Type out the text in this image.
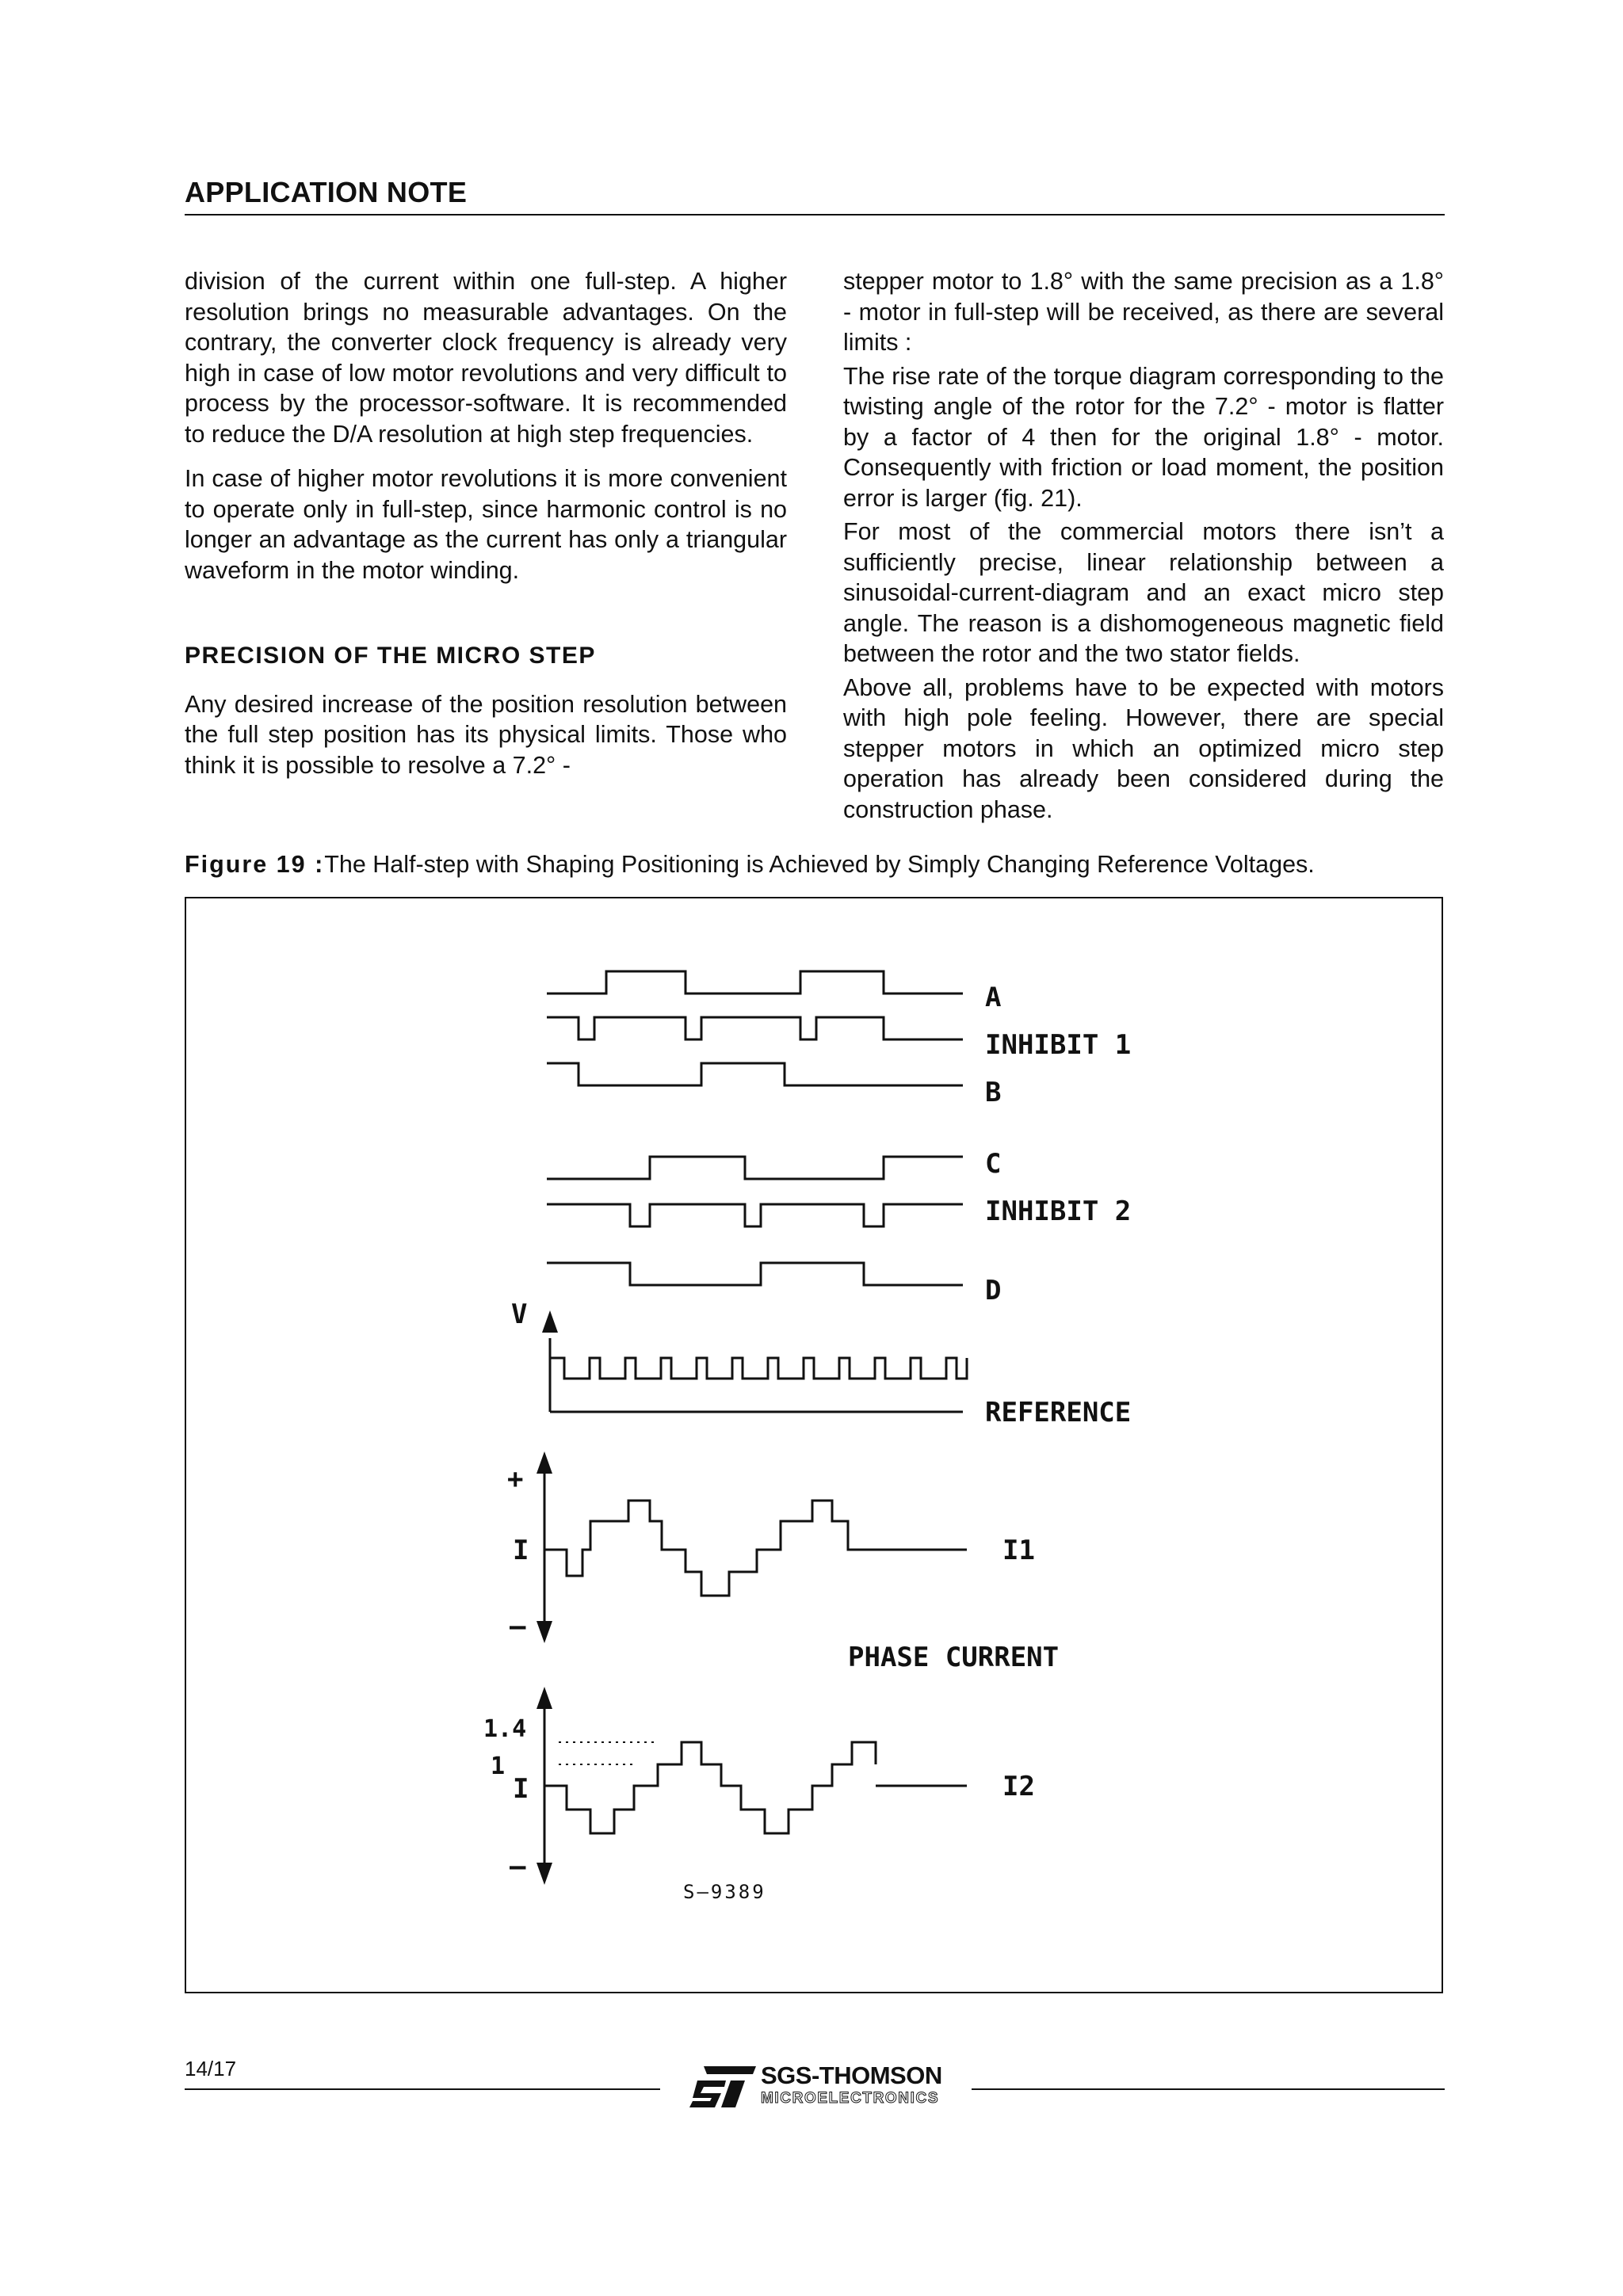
APPLICATION NOTE

division of the current within one full-step. A higher resolution brings no measurable advantages. On the contrary, the converter clock frequency is already very high in case of low motor revolutions and very difficult to process by the processor-software. It is recommended to reduce the D/A resolution at high step frequencies.

In case of higher motor revolutions it is more convenient to operate only in full-step, since harmonic control is no longer an advantage as the current has only a triangular waveform in the motor winding.

PRECISION OF THE MICRO STEP

Any desired increase of the position resolution between the full step position has its physical limits. Those who think it is possible to resolve a 7.2° -

stepper motor to 1.8° with the same precision as a 1.8° - motor in full-step will be received, as there are several limits :

The rise rate of the torque diagram corresponding to the twisting angle of the rotor for the 7.2° - motor is flatter by a factor of 4 then for the original 1.8° - motor. Consequently with friction or load moment, the position error is larger (fig. 21).

For most of the commercial motors there isn’t a sufficiently precise, linear relationship between a sinusoidal-current-diagram and an exact micro step angle. The reason is a dishomogeneous magnetic field between the rotor and the two stator fields.

Above all, problems have to be expected with motors with high pole feeling. However, there are special stepper motors in which an optimized micro step operation has already been considered during the construction phase.

Figure 19 :The Half-step with Shaping Positioning is Achieved by Simply Changing Reference Voltages.
A
INHIBIT 1
B
C
INHIBIT 2
D
REFERENCE
I1
PHASE CURRENT
I2
V
+
I
–
1.4
1
I
–
S–9389
14/17	SGS-THOMSON
MICROELECTRONICS
